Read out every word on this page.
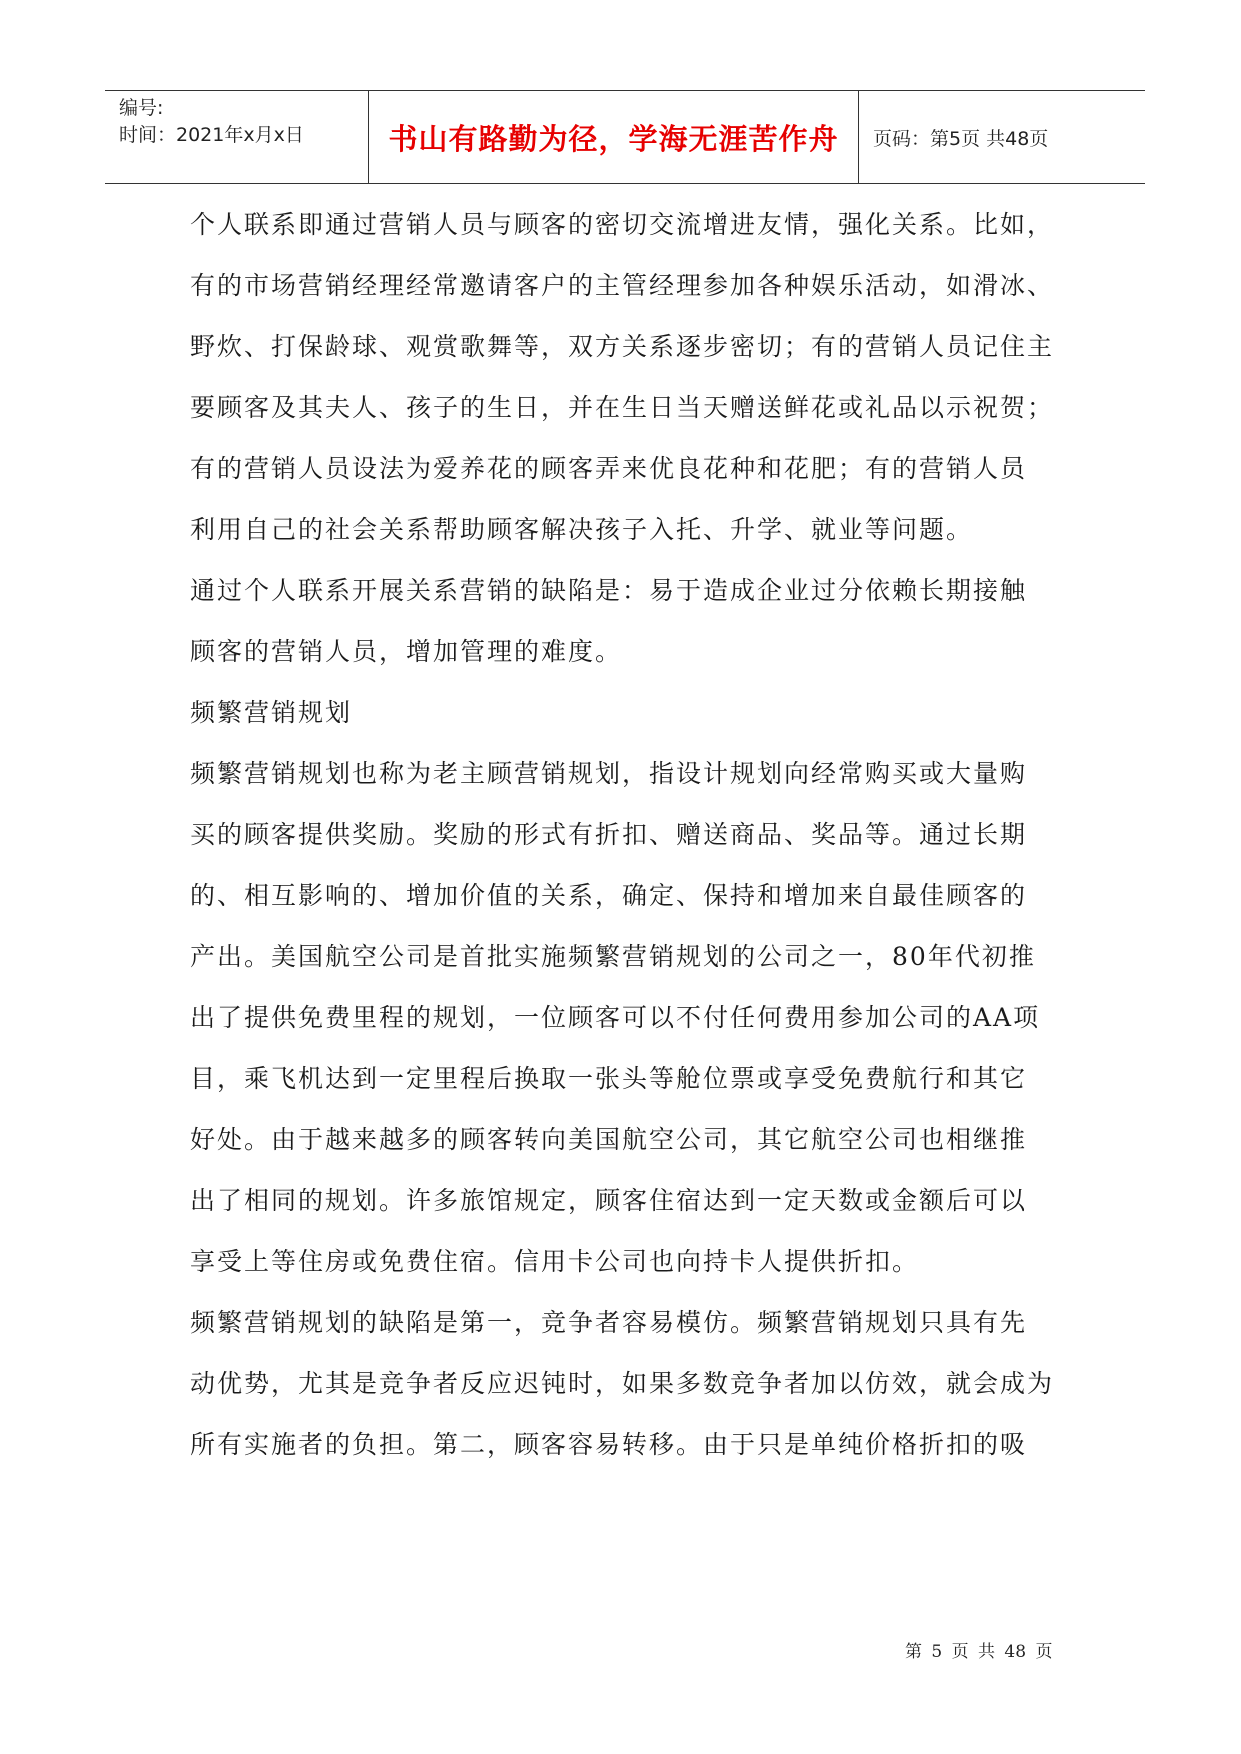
编号:
时间：2021年x月x日	书山有路勤为径，学海无涯苦作舟	页码：第5页 共48页
个人联系即通过营销人员与顾客的密切交流增进友情，强化关系。比如，
有的市场营销经理经常邀请客户的主管经理参加各种娱乐活动，如滑冰、
野炊、打保龄球、观赏歌舞等，双方关系逐步密切；有的营销人员记住主
要顾客及其夫人、孩子的生日，并在生日当天赠送鲜花或礼品以示祝贺；
有的营销人员设法为爱养花的顾客弄来优良花种和花肥；有的营销人员
利用自己的社会关系帮助顾客解决孩子入托、升学、就业等问题。
通过个人联系开展关系营销的缺陷是：易于造成企业过分依赖长期接触
顾客的营销人员，增加管理的难度。
频繁营销规划
频繁营销规划也称为老主顾营销规划，指设计规划向经常购买或大量购
买的顾客提供奖励。奖励的形式有折扣、赠送商品、奖品等。通过长期
的、相互影响的、增加价值的关系，确定、保持和增加来自最佳顾客的
产出。美国航空公司是首批实施频繁营销规划的公司之一，80年代初推
出了提供免费里程的规划，一位顾客可以不付任何费用参加公司的AA项
目，乘飞机达到一定里程后换取一张头等舱位票或享受免费航行和其它
好处。由于越来越多的顾客转向美国航空公司，其它航空公司也相继推
出了相同的规划。许多旅馆规定，顾客住宿达到一定天数或金额后可以
享受上等住房或免费住宿。信用卡公司也向持卡人提供折扣。
频繁营销规划的缺陷是第一，竞争者容易模仿。频繁营销规划只具有先
动优势，尤其是竞争者反应迟钝时，如果多数竞争者加以仿效，就会成为
所有实施者的负担。第二，顾客容易转移。由于只是单纯价格折扣的吸
第 5 页 共 48 页
